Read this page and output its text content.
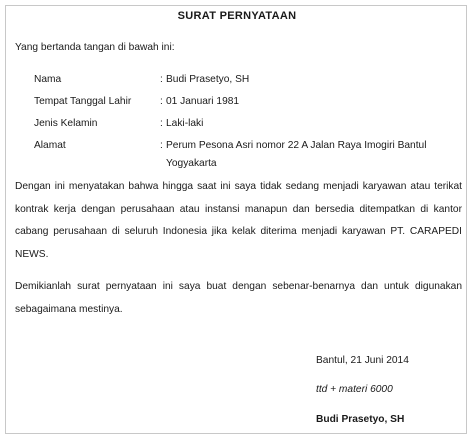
SURAT PERNYATAAN
Yang bertanda tangan di bawah ini:
Nama	: Budi Prasetyo, SH
Tempat Tanggal Lahir	: 01 Januari 1981
Jenis Kelamin	: Laki-laki
Alamat	: Perum Pesona Asri nomor 22 A Jalan Raya Imogiri Bantul
Yogyakarta
Dengan ini menyatakan bahwa hingga saat ini saya tidak sedang menjadi karyawan atau terikat
kontrak kerja dengan perusahaan atau instansi manapun dan bersedia ditempatkan di kantor
cabang perusahaan di seluruh Indonesia jika kelak diterima menjadi karyawan PT. CARAPEDI
NEWS.
Demikianlah surat pernyataan ini saya buat dengan sebenar-benarnya dan untuk digunakan
sebagaimana mestinya.
Bantul, 21 Juni 2014
ttd + materi 6000
Budi Prasetyo, SH
